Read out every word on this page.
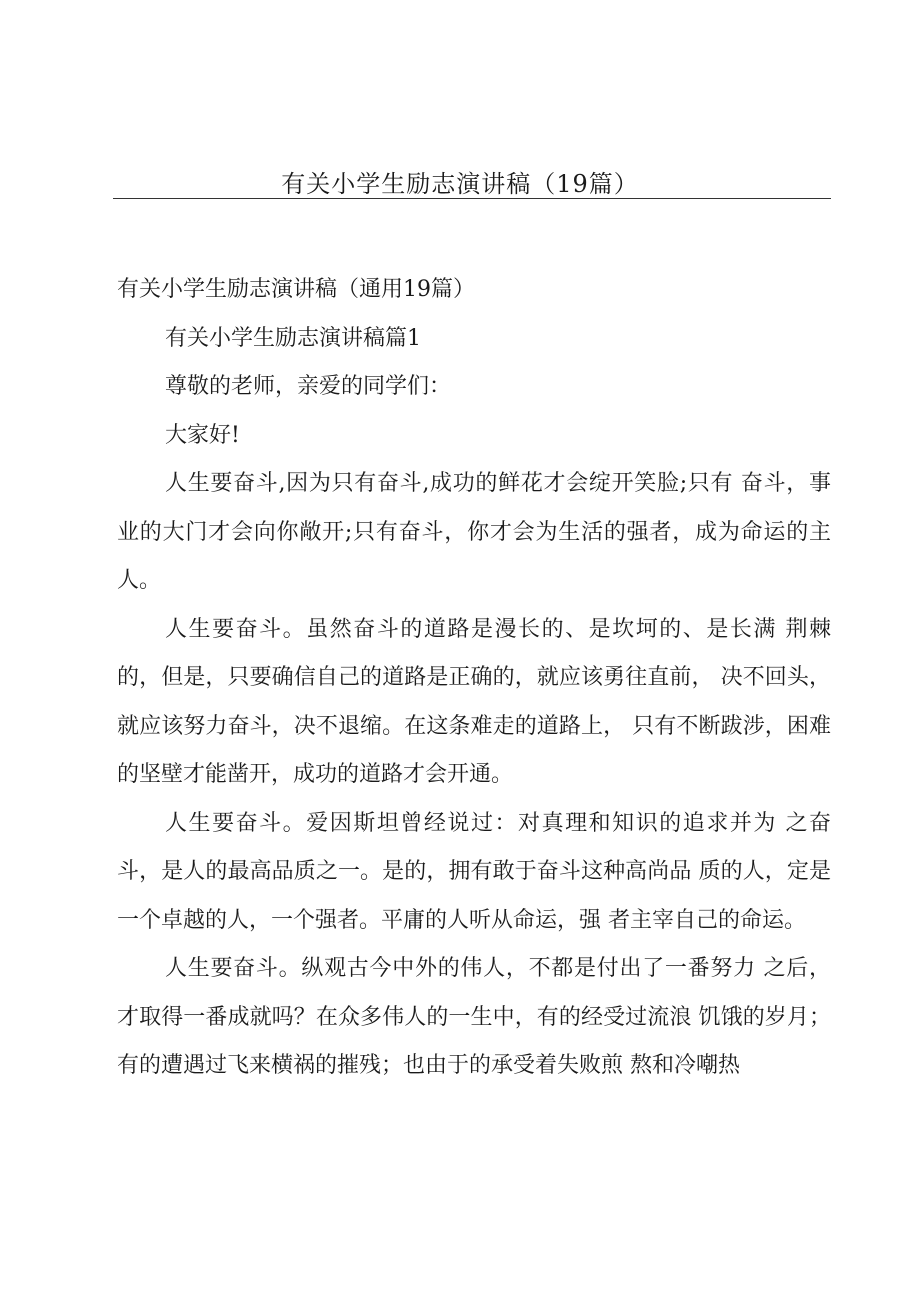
有关小学生励志演讲稿（19篇）

有关小学生励志演讲稿（通用19篇）

有关小学生励志演讲稿篇1

尊敬的老师，亲爱的同学们：

大家好!

人生要奋斗,因为只有奋斗,成功的鲜花才会绽开笑脸;只有 奋斗，事业的大门才会向你敞开;只有奋斗，你才会为生活的强者，成为命运的主人。

人生要奋斗。虽然奋斗的道路是漫长的、是坎坷的、是长满 荆棘的，但是，只要确信自己的道路是正确的，就应该勇往直前， 决不回头，就应该努力奋斗，决不退缩。在这条难走的道路上， 只有不断跋涉，困难的坚壁才能凿开，成功的道路才会开通。

人生要奋斗。爱因斯坦曾经说过：对真理和知识的追求并为 之奋斗，是人的最高品质之一。是的，拥有敢于奋斗这种高尚品 质的人，定是一个卓越的人，一个强者。平庸的人听从命运，强 者主宰自己的命运。

人生要奋斗。纵观古今中外的伟人，不都是付出了一番努力 之后，才取得一番成就吗？在众多伟人的一生中，有的经受过流浪 饥饿的岁月；有的遭遇过飞来横祸的摧残；也由于的承受着失败煎 熬和冷嘲热
